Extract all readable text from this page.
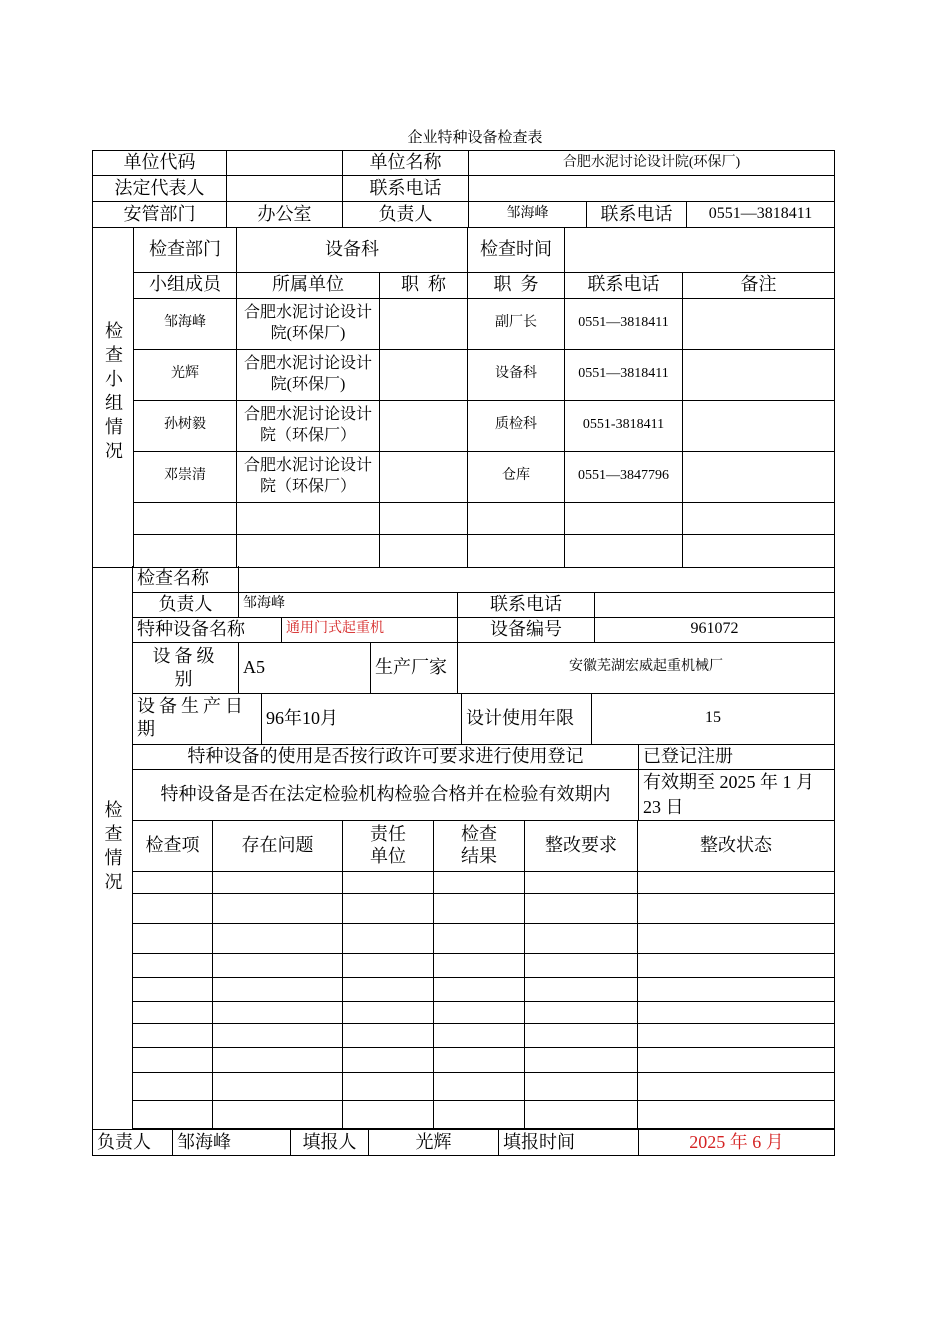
企业特种设备检查表
单位代码		单位名称	合肥水泥讨论设计院(环保厂)		
法定代表人		联系电话			
安管部门	办公室	负责人	邹海峰	联系电话	0551—3818411
检查小组情况	检查部门	设备科		检查时间		
	小组成员	所属单位	职  称	职  务	联系电话	备注
	邹海峰	合肥水泥讨论设计院(环保厂)		副厂长	0551—3818411	
	光辉	合肥水泥讨论设计院(环保厂)		设备科	0551—3818411	
	孙树毅	合肥水泥讨论设计院（环保厂）		质检科	0551-3818411	
	邓崇清	合肥水泥讨论设计院（环保厂）		仓库	0551—3847796	

检查情况
检查名称					
负责人	邹海峰			联系电话	
特种设备名称		通用门式起重机		设备编号	961072
设备级别	A5		生产厂家	安徽芜湖宏威起重机械厂	
设备生产日期	96年10月	设计使用年限	15
特种设备的使用是否按行政许可要求进行使用登记	已登记注册
特种设备是否在法定检验机构检验合格并在检验有效期内	有效期至 2025 年 1 月 23 日
检查项	存在问题	责任单位	检查结果	整改要求	整改状态

负责人	邹海峰	填报人	光辉	填报时间	2025 年 6 月
